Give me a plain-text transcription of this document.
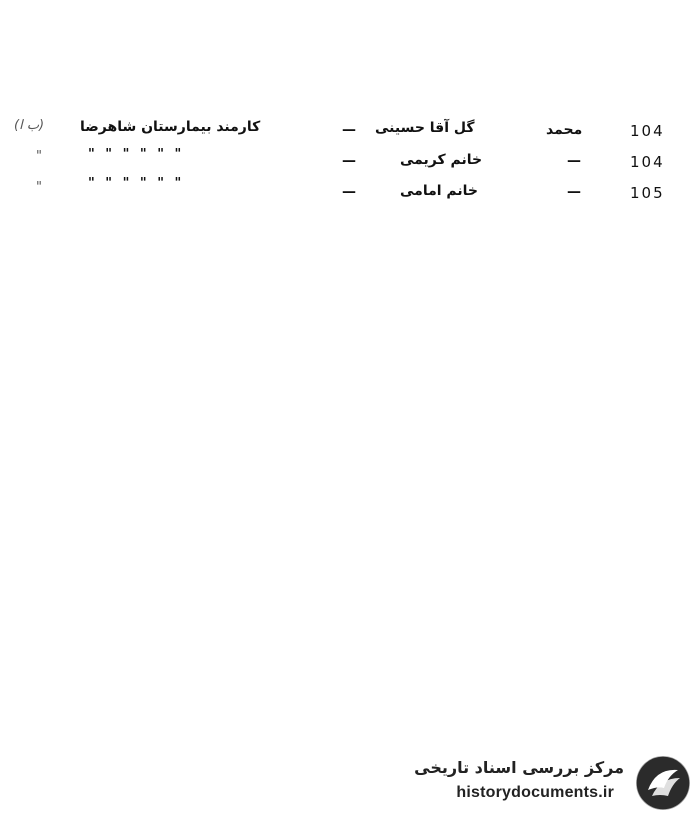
104
محمد
گل آقا حسینی
—
کارمند بیمارستان شاهرضا
(ب ا)
104
—
خانم کریمی
—
" " " " " "
"
105
—
خانم امامی
—
" " " " " "
"
مرکز بررسی اسناد تاریخی
historydocuments.ir
